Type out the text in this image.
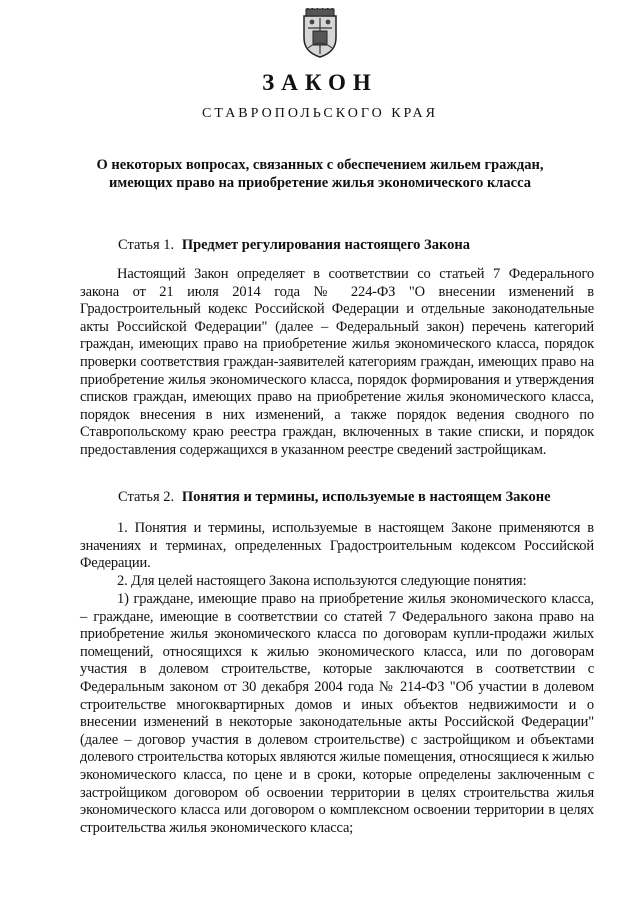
ЗАКОН
СТАВРОПОЛЬСКОГО КРАЯ
О некоторых вопросах, связанных с обеспечением жильем граждан, имеющих право на приобретение жилья экономического класса
Статья 1. Предмет регулирования настоящего Закона

Настоящий Закон определяет в соответствии со статьей 7 Федерального закона от 21 июля 2014 года № 224-ФЗ "О внесении изменений в Градостроительный кодекс Российской Федерации и отдельные законодательные акты Российской Федерации" (далее – Федеральный закон) перечень категорий граждан, имеющих право на приобретение жилья экономического класса, порядок проверки соответствия граждан-заявителей категориям граждан, имеющих право на приобретение жилья экономического класса, порядок формирования и утверждения списков граждан, имеющих право на приобретение жилья экономического класса, порядок внесения в них изменений, а также порядок ведения сводного по Ставропольскому краю реестра граждан, включенных в такие списки, и порядок предоставления содержащихся в указанном реестре сведений застройщикам.

Статья 2. Понятия и термины, используемые в настоящем Законе

1. Понятия и термины, используемые в настоящем Законе применяются в значениях и терминах, определенных Градостроительным кодексом Российской Федерации.

2. Для целей настоящего Закона используются следующие понятия:

1) граждане, имеющие право на приобретение жилья экономического класса, – граждане, имеющие в соответствии со статей 7 Федерального закона право на приобретение жилья экономического класса по договорам купли-продажи жилых помещений, относящихся к жилью экономического класса, или по договорам участия в долевом строительстве, которые заключаются в соответствии с Федеральным законом от 30 декабря 2004 года № 214-ФЗ "Об участии в долевом строительстве многоквартирных домов и иных объектов недвижимости и о внесении изменений в некоторые законодательные акты Российской Федерации" (далее – договор участия в долевом строительстве) с застройщиком и объектами долевого строительства которых являются жилые помещения, относящиеся к жилью экономического класса, по цене и в сроки, которые определены заключенным с застройщиком договором об освоении территории в целях строительства жилья экономического класса или договором о комплексном освоении территории в целях строительства жилья экономического класса;
